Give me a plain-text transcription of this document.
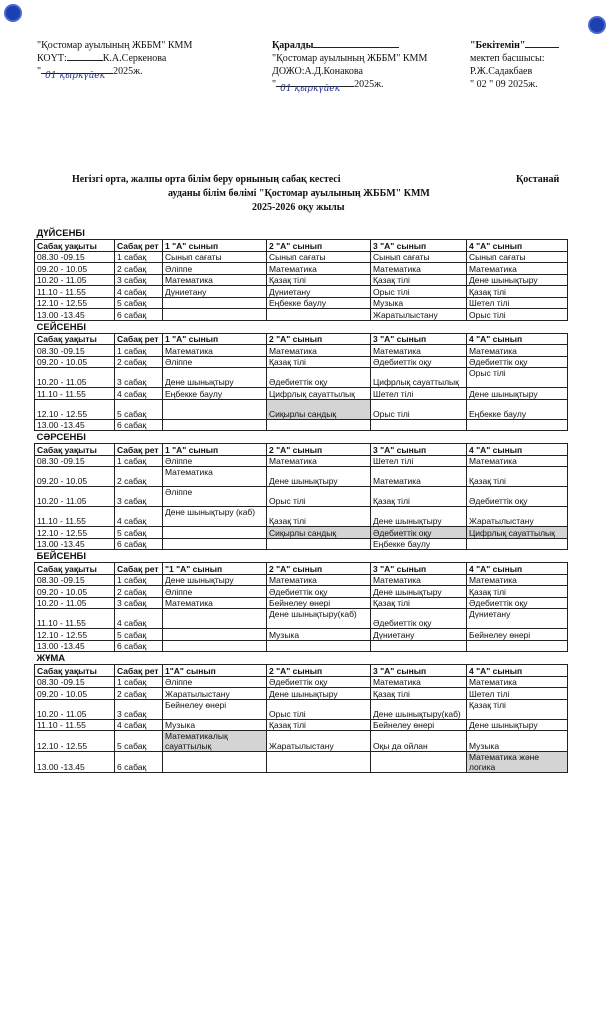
"Қостомар ауылының ЖББМ" КММ
КОҮТ:	К.А.Серкенова
" 01 қыркүйек 2025ж.
Қаралды
"Қостомар ауылының ЖББМ" КММ
ДОЖО:А.Д.Конакова
" 01 қыркүйек 2025ж.
"Бекітемін"
мектеп басшысы:
Р.Ж.Садакбаев
" 02 " 09 2025ж.
Негізгі орта, жалпы орта білім беру орнының сабақ кестесі	Қостанай
ауданы білім бөлімі "Қостомар ауылының ЖББМ" КММ
2025-2026 оқу жылы
ДҮЙСЕНБІ					
Сабақ уақыты	Сабақ рет	1 "А" сынып	2 "А" сынып	3 "А" сынып	4 "А" сынып
08.30 -09.15	1 сабақ	Сынып сағаты	Сынып сағаты	Сынып сағаты	Сынып сағаты
09.20 - 10.05	2 сабақ	Әліппе	Математика	Математика	Математика
10.20 - 11.05	3 сабақ	Математика	Қазақ тілі	Қазақ тілі	Дене шынықтыру
11.10 - 11.55	4 сабақ	Дүниетану	Дүниетану	Орыс тілі	Қазақ тілі
12.10 - 12.55	5 сабақ		Еңбекке баулу	Музыка	Шетел тілі
13.00 -13.45	6 сабақ			Жаратылыстану	Орыс тілі
СЕЙСЕНБІ					
Сабақ уақыты	Сабақ рет	1 "А" сынып	2 "А" сынып	3 "А" сынып	4 "А" сынып
08.30 -09.15	1 сабақ	Математика	Математика	Математика	Математика
09.20 - 10.05	2 сабақ	Әліппе	Қазақ тілі	Әдебиеттік оқу	Әдебиеттік оқу
10.20 - 11.05	3 сабақ	Дене шынықтыру	Әдебиеттік оқу	Цифрлық сауаттылық	Орыс тілі
11.10 - 11.55	4 сабақ	Еңбекке баулу	Цифрлық сауаттылық	Шетел тілі	Дене шынықтыру
12.10 - 12.55	5 сабақ		Сиқырлы сандық	Орыс тілі	Еңбекке баулу
13.00 -13.45	6 сабақ				
СӘРСЕНБІ					
Сабақ уақыты	Сабақ рет	1 "А" сынып	2 "А" сынып	3 "А" сынып	4 "А" сынып
08.30 -09.15	1 сабақ	Әліппе	Математика	Шетел тілі	Математика
09.20 - 10.05	2 сабақ	Математика	Дене шынықтыру	Математика	Қазақ тілі
10.20 - 11.05	3 сабақ	Әліппе	Орыс тілі	Қазақ тілі	Әдебиеттік оқу
11.10 - 11.55	4 сабақ	Дене шынықтыру (каб)	Қазақ тілі	Дене шынықтыру	Жаратылыстану
12.10 - 12.55	5 сабақ		Сиқырлы сандық	Әдебиеттік оқу	Цифрлық сауаттылық
13.00 -13.45	6 сабақ			Еңбекке баулу	
БЕЙСЕНБІ					
Сабақ уақыты	Сабақ рет	"1 "А" сынып	2 "А" сынып	3 "А" сынып	4 "А" сынып
08.30 -09.15	1 сабақ	Дене шынықтыру	Математика	Математика	Математика
09.20 - 10.05	2 сабақ	Әліппе	Әдебиеттік оқу	Дене шынықтыру	Қазақ тілі
10.20 - 11.05	3 сабақ	Математика	Бейнелеу өнері	Қазақ тілі	Әдебиеттік оқу
11.10 - 11.55	4 сабақ		Дене шынықтыру(каб)	Әдебиеттік оқу	Дүниетану
12.10 - 12.55	5 сабақ		Музыка	Дүниетану	Бейнелеу өнері
13.00 -13.45	6 сабақ				
ЖҰМА					
Сабақ уақыты	Сабақ рет	1"А" сынып	2 "А" сынып	3 "А" сынып	4 "А" сынып
08.30 -09.15	1 сабақ	Әліппе	Әдебиеттік оқу	Математика	Математика
09.20 - 10.05	2 сабақ	Жаратылыстану	Дене шынықтыру	Қазақ тілі	Шетел тілі
10.20 - 11.05	3 сабақ	Бейнелеу өнері	Орыс тілі	Дене шынықтыру(каб)	Қазақ тілі
11.10 - 11.55	4 сабақ	Музыка	Қазақ тілі	Бейнелеу өнері	Дене шынықтыру
12.10 - 12.55	5 сабақ	Математикалық сауаттылық	Жаратылыстану	Оқы да ойлан	Музыка
13.00 -13.45	6 сабақ				Математика және логика
